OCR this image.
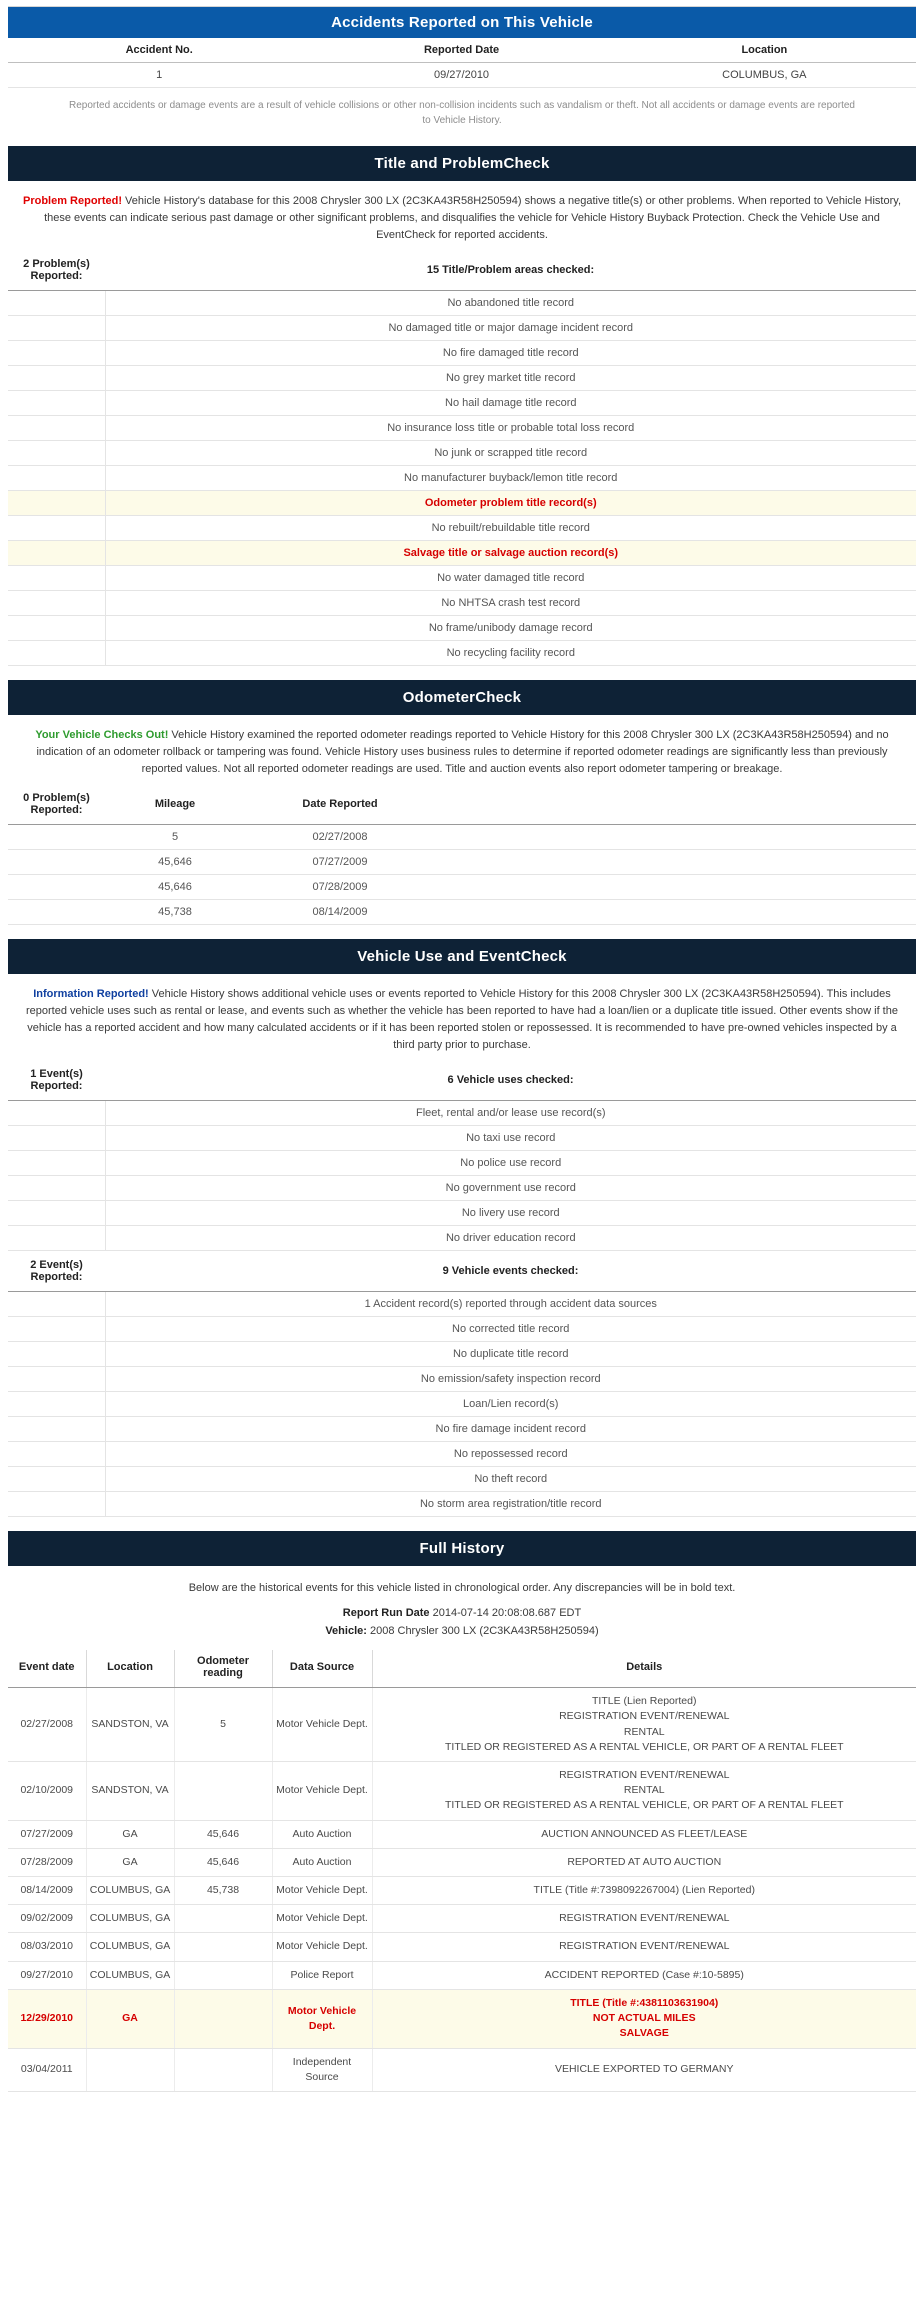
Accidents Reported on This Vehicle
Accident No.	Reported Date	Location
1	09/27/2010	COLUMBUS, GA
Reported accidents or damage events are a result of vehicle collisions or other non-collision incidents such as vandalism or theft. Not all accidents or damage events are reported to Vehicle History.
Title and ProblemCheck
Problem Reported! Vehicle History's database for this 2008 Chrysler 300 LX (2C3KA43R58H250594) shows a negative title(s) or other problems. When reported to Vehicle History, these events can indicate serious past damage or other significant problems, and disqualifies the vehicle for Vehicle History Buyback Protection. Check the Vehicle Use and EventCheck for reported accidents.
2 Problem(s) Reported:	15 Title/Problem areas checked:
	No abandoned title record
	No damaged title or major damage incident record
	No fire damaged title record
	No grey market title record
	No hail damage title record
	No insurance loss title or probable total loss record
	No junk or scrapped title record
	No manufacturer buyback/lemon title record
	Odometer problem title record(s)
	No rebuilt/rebuildable title record
	Salvage title or salvage auction record(s)
	No water damaged title record
	No NHTSA crash test record
	No frame/unibody damage record
	No recycling facility record
OdometerCheck
Your Vehicle Checks Out! Vehicle History examined the reported odometer readings reported to Vehicle History for this 2008 Chrysler 300 LX (2C3KA43R58H250594) and no indication of an odometer rollback or tampering was found. Vehicle History uses business rules to determine if reported odometer readings are significantly less than previously reported values. Not all reported odometer readings are used. Title and auction events also report odometer tampering or breakage.
0 Problem(s) Reported:	Mileage	Date Reported	
	5	02/27/2008	
	45,646	07/27/2009	
	45,646	07/28/2009	
	45,738	08/14/2009	
Vehicle Use and EventCheck
Information Reported! Vehicle History shows additional vehicle uses or events reported to Vehicle History for this 2008 Chrysler 300 LX (2C3KA43R58H250594). This includes reported vehicle uses such as rental or lease, and events such as whether the vehicle has been reported to have had a loan/lien or a duplicate title issued. Other events show if the vehicle has a reported accident and how many calculated accidents or if it has been reported stolen or repossessed. It is recommended to have pre-owned vehicles inspected by a third party prior to purchase.
1 Event(s) Reported:	6 Vehicle uses checked:
	Fleet, rental and/or lease use record(s)
	No taxi use record
	No police use record
	No government use record
	No livery use record
	No driver education record
2 Event(s) Reported:	9 Vehicle events checked:
	1 Accident record(s) reported through accident data sources
	No corrected title record
	No duplicate title record
	No emission/safety inspection record
	Loan/Lien record(s)
	No fire damage incident record
	No repossessed record
	No theft record
	No storm area registration/title record
Full History
Below are the historical events for this vehicle listed in chronological order. Any discrepancies will be in bold text.
Report Run Date 2014-07-14 20:08:08.687 EDT
Vehicle: 2008 Chrysler 300 LX (2C3KA43R58H250594)
Event date	Location	Odometer reading	Data Source	Details
02/27/2008	SANDSTON, VA	5	Motor Vehicle Dept.	TITLE (Lien Reported)
REGISTRATION EVENT/RENEWAL
RENTAL
TITLED OR REGISTERED AS A RENTAL VEHICLE, OR PART OF A RENTAL FLEET
02/10/2009	SANDSTON, VA		Motor Vehicle Dept.	REGISTRATION EVENT/RENEWAL
RENTAL
TITLED OR REGISTERED AS A RENTAL VEHICLE, OR PART OF A RENTAL FLEET
07/27/2009	GA	45,646	Auto Auction	AUCTION ANNOUNCED AS FLEET/LEASE
07/28/2009	GA	45,646	Auto Auction	REPORTED AT AUTO AUCTION
08/14/2009	COLUMBUS, GA	45,738	Motor Vehicle Dept.	TITLE (Title #:7398092267004) (Lien Reported)
09/02/2009	COLUMBUS, GA		Motor Vehicle Dept.	REGISTRATION EVENT/RENEWAL
08/03/2010	COLUMBUS, GA		Motor Vehicle Dept.	REGISTRATION EVENT/RENEWAL
09/27/2010	COLUMBUS, GA		Police Report	ACCIDENT REPORTED (Case #:10-5895)
12/29/2010	GA		Motor Vehicle Dept.	TITLE (Title #:4381103631904)
NOT ACTUAL MILES
SALVAGE
03/04/2011			Independent Source	VEHICLE EXPORTED TO GERMANY
